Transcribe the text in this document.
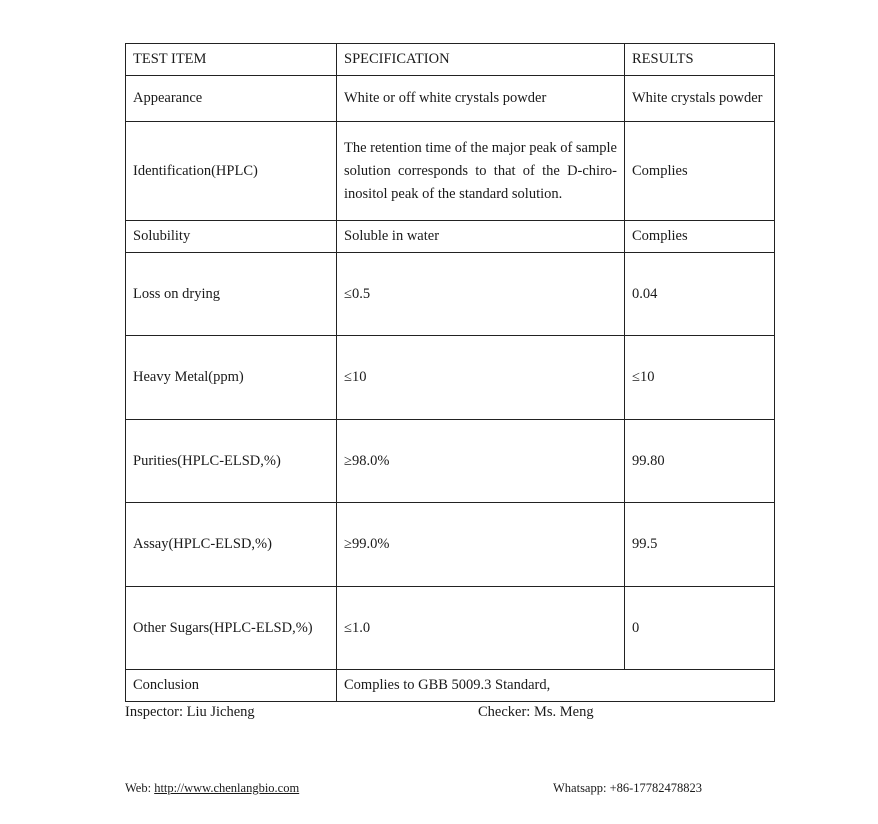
TEST ITEM	SPECIFICATION	RESULTS
Appearance	White or off white crystals powder	White crystals powder
Identification(HPLC)	The retention time of the major peak of sample solution corresponds to that of the D-chiro-inositol peak of the standard solution.	Complies
Solubility	Soluble in water	Complies
Loss on drying	≤0.5	0.04
Heavy Metal(ppm)	≤10	≤10
Purities(HPLC-ELSD,%)	≥98.0%	99.80
Assay(HPLC-ELSD,%)	≥99.0%	99.5
Other Sugars(HPLC-ELSD,%)	≤1.0	0
Conclusion	Complies to GBB 5009.3 Standard,	
Inspector: Liu Jicheng	Checker: Ms. Meng
Web: http://www.chenlangbio.com	Whatsapp: +86-17782478823
